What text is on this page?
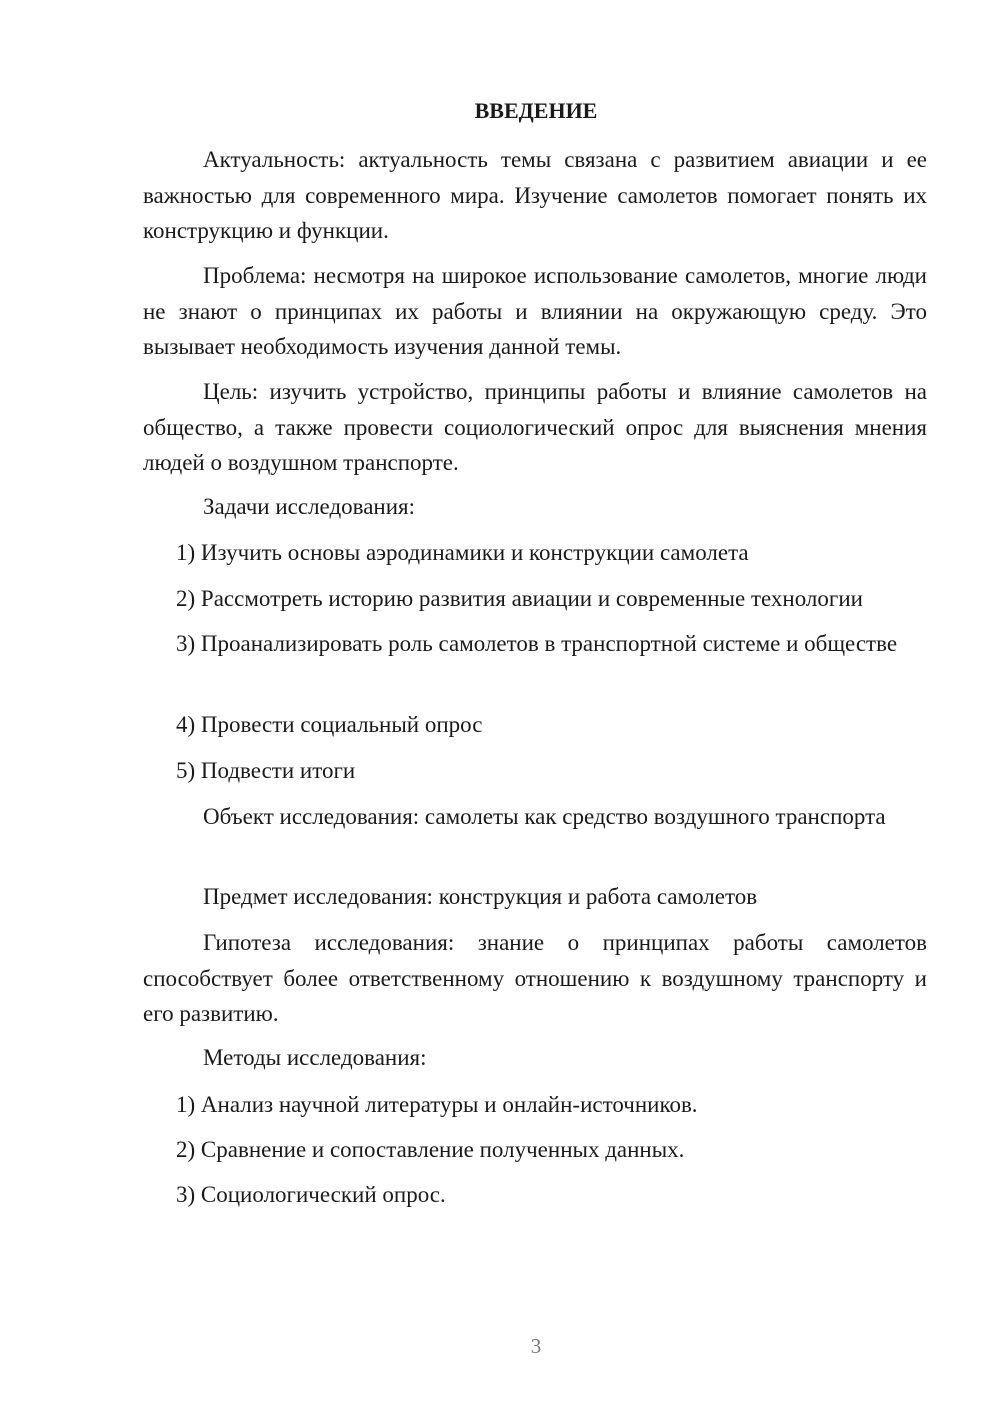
ВВЕДЕНИЕ

Актуальность: актуальность темы связана с развитием авиации и ее важностью для современного мира. Изучение самолетов помогает понять их конструкцию и функции.

Проблема: несмотря на широкое использование самолетов, многие люди не знают о принципах их работы и влиянии на окружающую среду. Это вызывает необходимость изучения данной темы.

Цель: изучить устройство, принципы работы и влияние самолетов на общество, а также провести социологический опрос для выяснения мнения людей о воздушном транспорте.

Задачи исследования:

1) Изучить основы аэродинамики и конструкции самолета

2) Рассмотреть историю развития авиации и современные технологии

3) Проанализировать роль самолетов в транспортной системе и обществе

4) Провести социальный опрос

5) Подвести итоги

Объект исследования: самолеты как средство воздушного транспорта

Предмет исследования: конструкция и работа самолетов

Гипотеза исследования: знание о принципах работы самолетов способствует более ответственному отношению к воздушному транспорту и его развитию.

Методы исследования:

1) Анализ научной литературы и онлайн-источников.

2) Сравнение и сопоставление полученных данных.

3) Социологический опрос.

3
